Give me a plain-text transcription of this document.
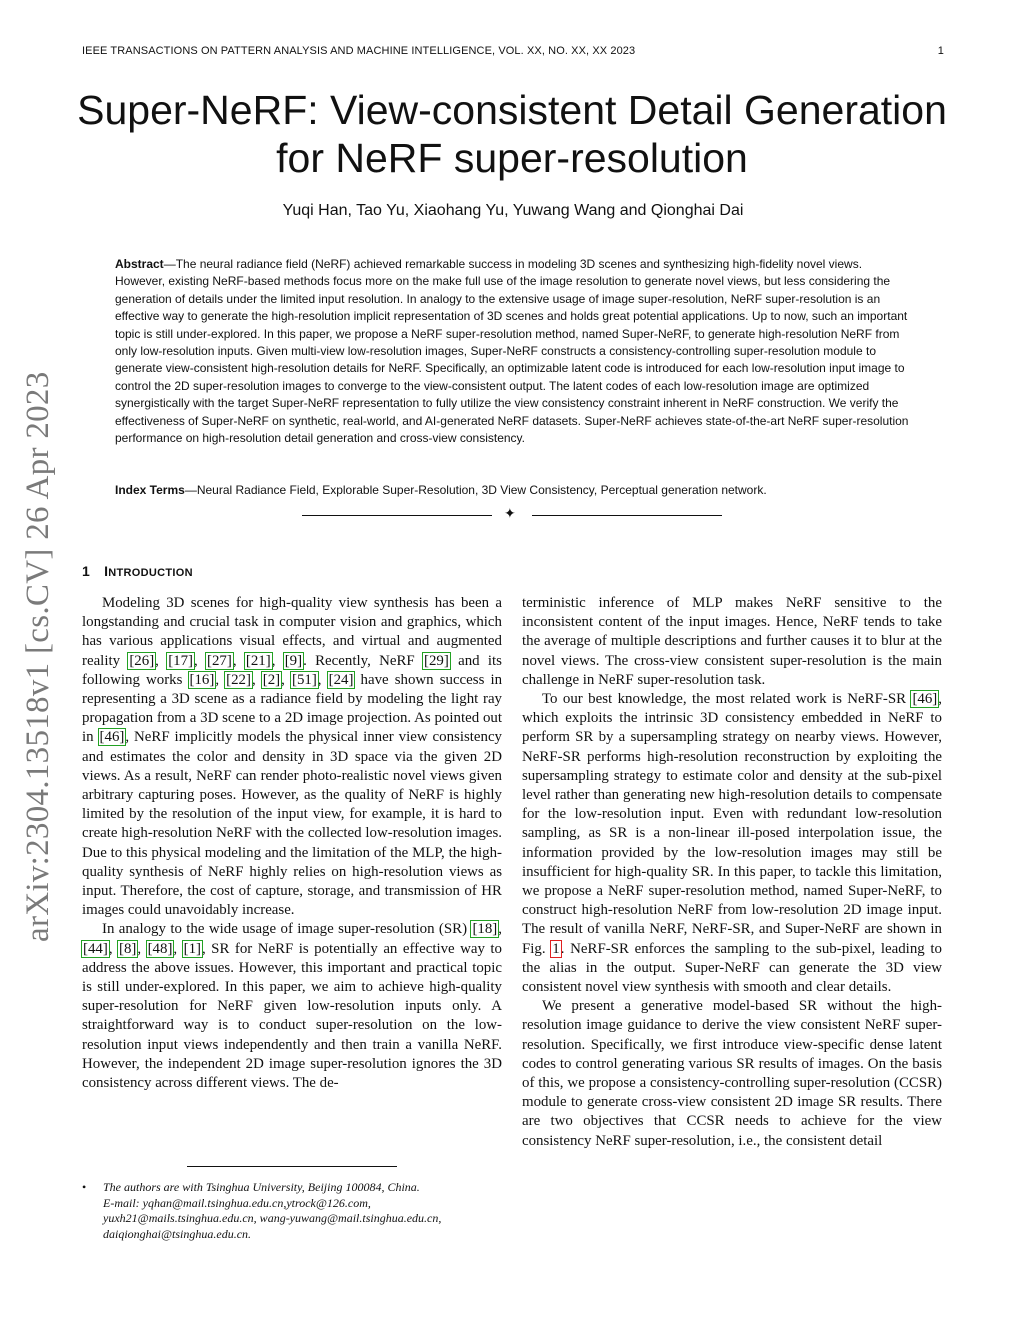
IEEE TRANSACTIONS ON PATTERN ANALYSIS AND MACHINE INTELLIGENCE, VOL. XX, NO. XX, XX 2023	1
Super-NeRF: View-consistent Detail Generation
for NeRF super-resolution
Yuqi Han, Tao Yu, Xiaohang Yu, Yuwang Wang and Qionghai Dai

Abstract—The neural radiance field (NeRF) achieved remarkable success in modeling 3D scenes and synthesizing high-fidelity novel views. However, existing NeRF-based methods focus more on the make full use of the image resolution to generate novel views, but less considering the generation of details under the limited input resolution. In analogy to the extensive usage of image super-resolution, NeRF super-resolution is an effective way to generate the high-resolution implicit representation of 3D scenes and holds great potential applications. Up to now, such an important topic is still under-explored. In this paper, we propose a NeRF super-resolution method, named Super-NeRF, to generate high-resolution NeRF from only low-resolution inputs. Given multi-view low-resolution images, Super-NeRF constructs a consistency-controlling super-resolution module to generate view-consistent high-resolution details for NeRF. Specifically, an optimizable latent code is introduced for each low-resolution input image to control the 2D super-resolution images to converge to the view-consistent output. The latent codes of each low-resolution image are optimized synergistically with the target Super-NeRF representation to fully utilize the view consistency constraint inherent in NeRF construction. We verify the effectiveness of Super-NeRF on synthetic, real-world, and AI-generated NeRF datasets. Super-NeRF achieves state-of-the-art NeRF super-resolution performance on high-resolution detail generation and cross-view consistency.

Index Terms—Neural Radiance Field, Explorable Super-Resolution, 3D View Consistency, Perceptual generation network.

✦
arXiv:2304.13518v1 [cs.CV] 26 Apr 2023 1 INTRODUCTION

Modeling 3D scenes for high-quality view synthesis has been a longstanding and crucial task in computer vision and graphics, which has various applications visual effects, and virtual and augmented reality [26], [17], [27], [21], [9]. Recently, NeRF [29] and its following works [16], [22], [2], [51], [24] have shown success in representing a 3D scene as a radiance field by modeling the light ray propagation from a 3D scene to a 2D image projection. As pointed out in [46], NeRF implicitly models the physical inner view consistency and estimates the color and density in 3D space via the given 2D views. As a result, NeRF can render photo-realistic novel views given arbitrary capturing poses. However, as the quality of NeRF is highly limited by the resolution of the input view, for example, it is hard to create high-resolution NeRF with the collected low-resolution images. Due to this physical modeling and the limitation of the MLP, the high-quality synthesis of NeRF highly relies on high-resolution views as input. Therefore, the cost of capture, storage, and transmission of HR images could unavoidably increase.

In analogy to the wide usage of image super-resolution (SR) [18], [44], [8], [48], [1], SR for NeRF is potentially an effective way to address the above issues. However, this important and practical topic is still under-explored. In this paper, we aim to achieve high-quality super-resolution for NeRF given low-resolution inputs only. A straightforward way is to conduct super-resolution on the low-resolution input views independently and then train a vanilla NeRF. However, the independent 2D image super-resolution ignores the 3D consistency across different views. The de-

terministic inference of MLP makes NeRF sensitive to the inconsistent content of the input images. Hence, NeRF tends to take the average of multiple descriptions and further causes it to blur at the novel views. The cross-view consistent super-resolution is the main challenge in NeRF super-resolution task.

To our best knowledge, the most related work is NeRF-SR [46], which exploits the intrinsic 3D consistency embedded in NeRF to perform SR by a supersampling strategy on nearby views. However, NeRF-SR performs high-resolution reconstruction by exploiting the supersampling strategy to estimate color and density at the sub-pixel level rather than generating new high-resolution details to compensate for the low-resolution input. Even with redundant low-resolution sampling, as SR is a non-linear ill-posed interpolation issue, the information provided by the low-resolution images may still be insufficient for high-quality SR. In this paper, to tackle this limitation, we propose a NeRF super-resolution method, named Super-NeRF, to construct high-resolution NeRF from low-resolution 2D image input. The result of vanilla NeRF, NeRF-SR, and Super-NeRF are shown in Fig. 1. NeRF-SR enforces the sampling to the sub-pixel, leading to the alias in the output. Super-NeRF can generate the 3D view consistent novel view synthesis with smooth and clear details.

We present a generative model-based SR without the high-resolution image guidance to derive the view consistent NeRF super-resolution. Specifically, we first introduce view-specific dense latent codes to control generating various SR results of images. On the basis of this, we propose a consistency-controlling super-resolution (CCSR) module to generate cross-view consistent 2D image SR results. There are two objectives that CCSR needs to achieve for the view consistency NeRF super-resolution, i.e., the consistent detail

• The authors are with Tsinghua University, Beijing 100084, China.
E-mail: yqhan@mail.tsinghua.edu.cn,ytrock@126.com,
yuxh21@mails.tsinghua.edu.cn, wang-yuwang@mail.tsinghua.edu.cn,
daiqionghai@tsinghua.edu.cn.
